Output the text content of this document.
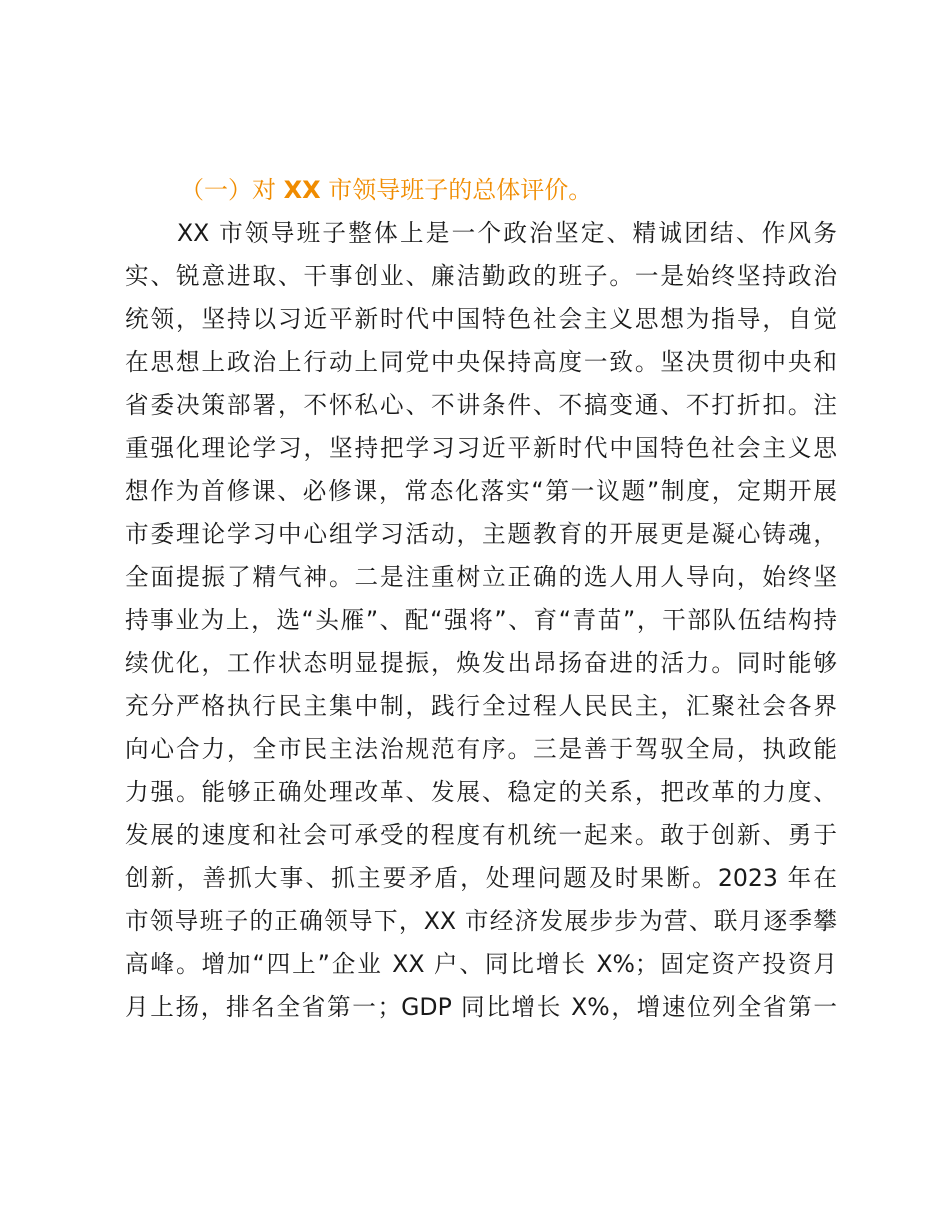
（一）对 XX 市领导班子的总体评价。
XX 市领导班子整体上是一个政治坚定、精诚团结、作风务
实、锐意进取、干事创业、廉洁勤政的班子。一是始终坚持政治
统领，坚持以习近平新时代中国特色社会主义思想为指导，自觉
在思想上政治上行动上同党中央保持高度一致。坚决贯彻中央和
省委决策部署，不怀私心、不讲条件、不搞变通、不打折扣。注
重强化理论学习，坚持把学习习近平新时代中国特色社会主义思
想作为首修课、必修课，常态化落实“第一议题”制度，定期开展
市委理论学习中心组学习活动，主题教育的开展更是凝心铸魂，
全面提振了精气神。二是注重树立正确的选人用人导向，始终坚
持事业为上，选“头雁”、配“强将”、育“青苗”，干部队伍结构持
续优化，工作状态明显提振，焕发出昂扬奋进的活力。同时能够
充分严格执行民主集中制，践行全过程人民民主，汇聚社会各界
向心合力，全市民主法治规范有序。三是善于驾驭全局，执政能
力强。能够正确处理改革、发展、稳定的关系，把改革的力度、
发展的速度和社会可承受的程度有机统一起来。敢于创新、勇于
创新，善抓大事、抓主要矛盾，处理问题及时果断。2023 年在
市领导班子的正确领导下，XX 市经济发展步步为营、联月逐季攀
高峰。增加“四上”企业 XX 户、同比增长 X%；固定资产投资月
月上扬，排名全省第一；GDP 同比增长 X%，增速位列全省第一
